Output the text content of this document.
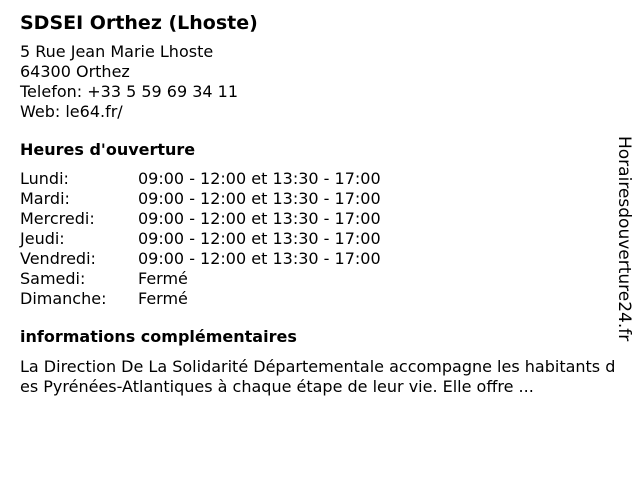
SDSEI Orthez (Lhoste)
5 Rue Jean Marie Lhoste
64300 Orthez
Telefon: +33 5 59 69 34 11
Web: le64.fr/
Heures d'ouverture
Lundi:	09:00 - 12:00 et 13:30 - 17:00
Mardi:	09:00 - 12:00 et 13:30 - 17:00
Mercredi:	09:00 - 12:00 et 13:30 - 17:00
Jeudi:	09:00 - 12:00 et 13:30 - 17:00
Vendredi:	09:00 - 12:00 et 13:30 - 17:00
Samedi:	Fermé
Dimanche:	Fermé
informations complémentaires
La Direction De La Solidarité Départementale accompagne les habitants des Pyrénées-Atlantiques à chaque étape de leur vie. Elle offre ...
Horairesdouverture24.fr
